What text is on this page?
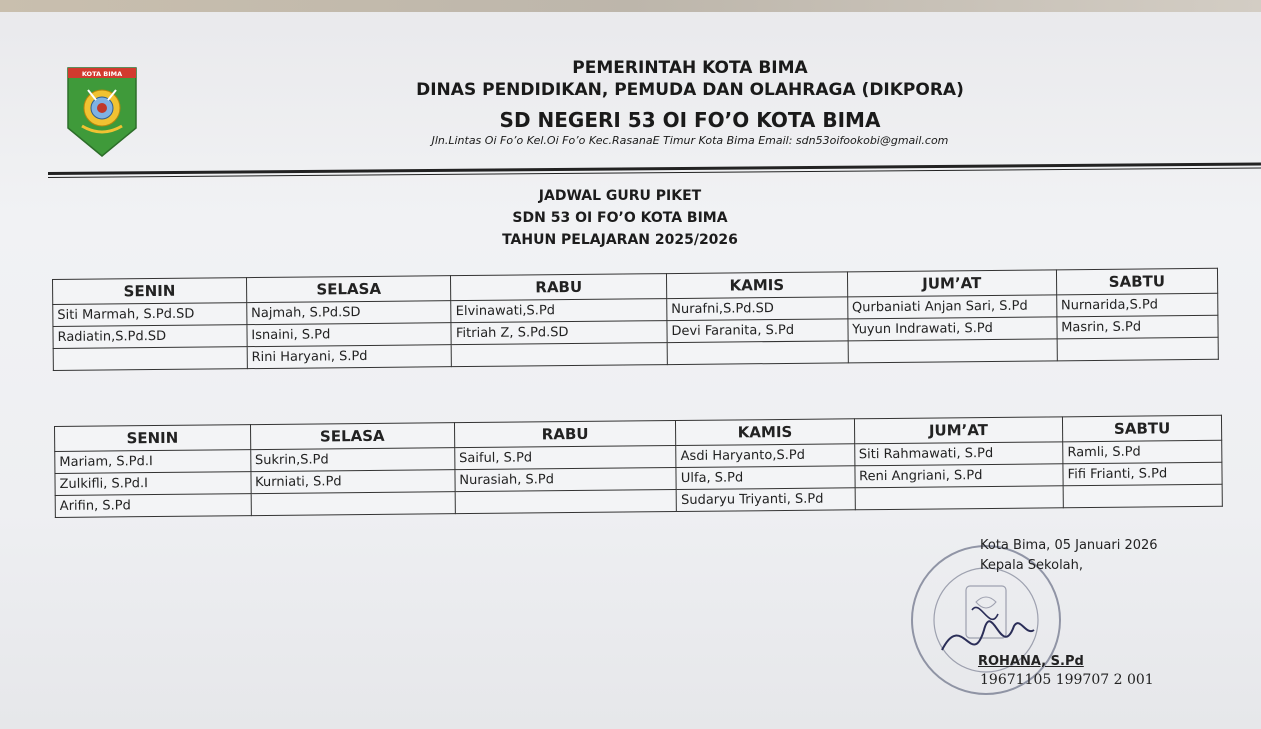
KOTA BIMA	PEMERINTAH KOTA BIMA
DINAS PENDIDIKAN, PEMUDA DAN OLAHRAGA (DIKPORA)
SD NEGERI 53 OI FO’O KOTA BIMA
Jln.Lintas Oi Fo’o Kel.Oi Fo’o Kec.RasanaE Timur Kota Bima Email: sdn53oifookobi@gmail.com
JADWAL GURU PIKET
SDN 53 OI FO’O KOTA BIMA
TAHUN PELAJARAN 2025/2026
SENIN	SELASA	RABU	KAMIS	JUM’AT	SABTU
Siti Marmah, S.Pd.SD	Najmah, S.Pd.SD	Elvinawati,S.Pd	Nurafni,S.Pd.SD	Qurbaniati Anjan Sari, S.Pd	Nurnarida,S.Pd
Radiatin,S.Pd.SD	Isnaini, S.Pd	Fitriah Z, S.Pd.SD	Devi Faranita, S.Pd	Yuyun Indrawati, S.Pd	Masrin, S.Pd
	Rini Haryani, S.Pd				
SENIN	SELASA	RABU	KAMIS	JUM’AT	SABTU
Mariam, S.Pd.I	Sukrin,S.Pd	Saiful, S.Pd	Asdi Haryanto,S.Pd	Siti Rahmawati, S.Pd	Ramli, S.Pd
Zulkifli, S.Pd.I	Kurniati, S.Pd	Nurasiah, S.Pd	Ulfa, S.Pd	Reni Angriani, S.Pd	Fifi Frianti, S.Pd
Arifin, S.Pd			Sudaryu Triyanti, S.Pd		
Kota Bima, 05 Januari 2026
Kepala Sekolah,
ROHANA, S.Pd
19671105 199707 2 001
